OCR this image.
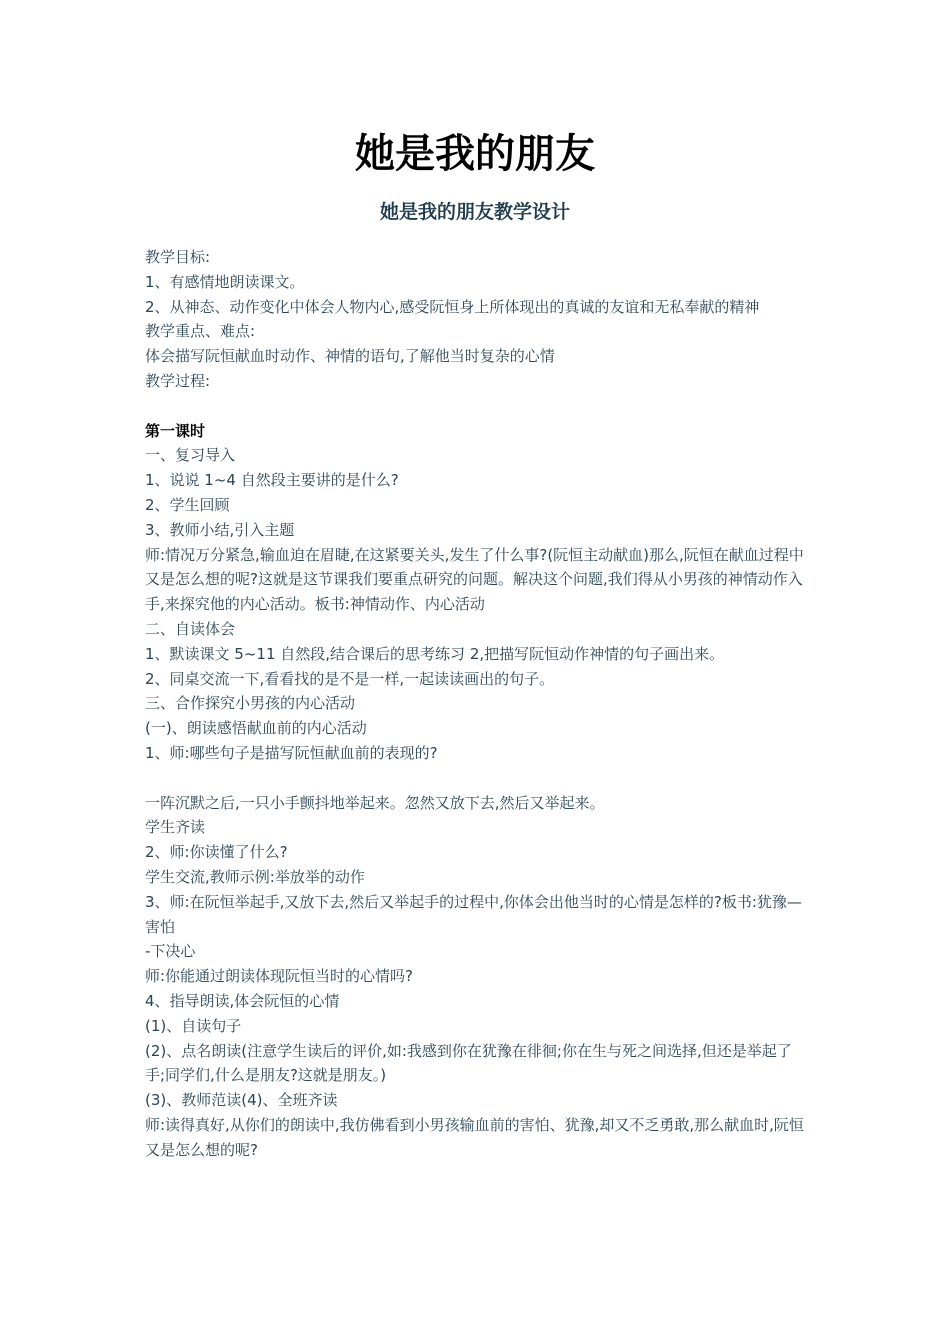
她是我的朋友
她是我的朋友教学设计
教学目标:
1、有感情地朗读课文。
2、从神态、动作变化中体会人物内心,感受阮恒身上所体现出的真诚的友谊和无私奉献的精神
教学重点、难点:
体会描写阮恒献血时动作、神情的语句,了解他当时复杂的心情
教学过程:
第一课时
一、复习导入
1、说说 1~4 自然段主要讲的是什么?
2、学生回顾
3、教师小结,引入主题
师:情况万分紧急,输血迫在眉睫,在这紧要关头,发生了什么事?(阮恒主动献血)那么,阮恒在献血过程中又是怎么想的呢?这就是这节课我们要重点研究的问题。解决这个问题,我们得从小男孩的神情动作入手,来探究他的内心活动。板书:神情动作、内心活动
二、自读体会
1、默读课文 5~11 自然段,结合课后的思考练习 2,把描写阮恒动作神情的句子画出来。
2、同桌交流一下,看看找的是不是一样,一起读读画出的句子。
三、合作探究小男孩的内心活动
(一)、朗读感悟献血前的内心活动
1、师:哪些句子是描写阮恒献血前的表现的?
一阵沉默之后,一只小手颤抖地举起来。忽然又放下去,然后又举起来。
学生齐读
2、师:你读懂了什么?
学生交流,教师示例:举放举的动作
3、师:在阮恒举起手,又放下去,然后又举起手的过程中,你体会出他当时的心情是怎样的?板书:犹豫—害怕
-下决心
师:你能通过朗读体现阮恒当时的心情吗?
4、指导朗读,体会阮恒的心情
(1)、自读句子
(2)、点名朗读(注意学生读后的评价,如:我感到你在犹豫在徘徊;你在生与死之间选择,但还是举起了手;同学们,什么是朋友?这就是朋友。)
(3)、教师范读(4)、全班齐读
师:读得真好,从你们的朗读中,我仿佛看到小男孩输血前的害怕、犹豫,却又不乏勇敢,那么献血时,阮恒又是怎么想的呢?
